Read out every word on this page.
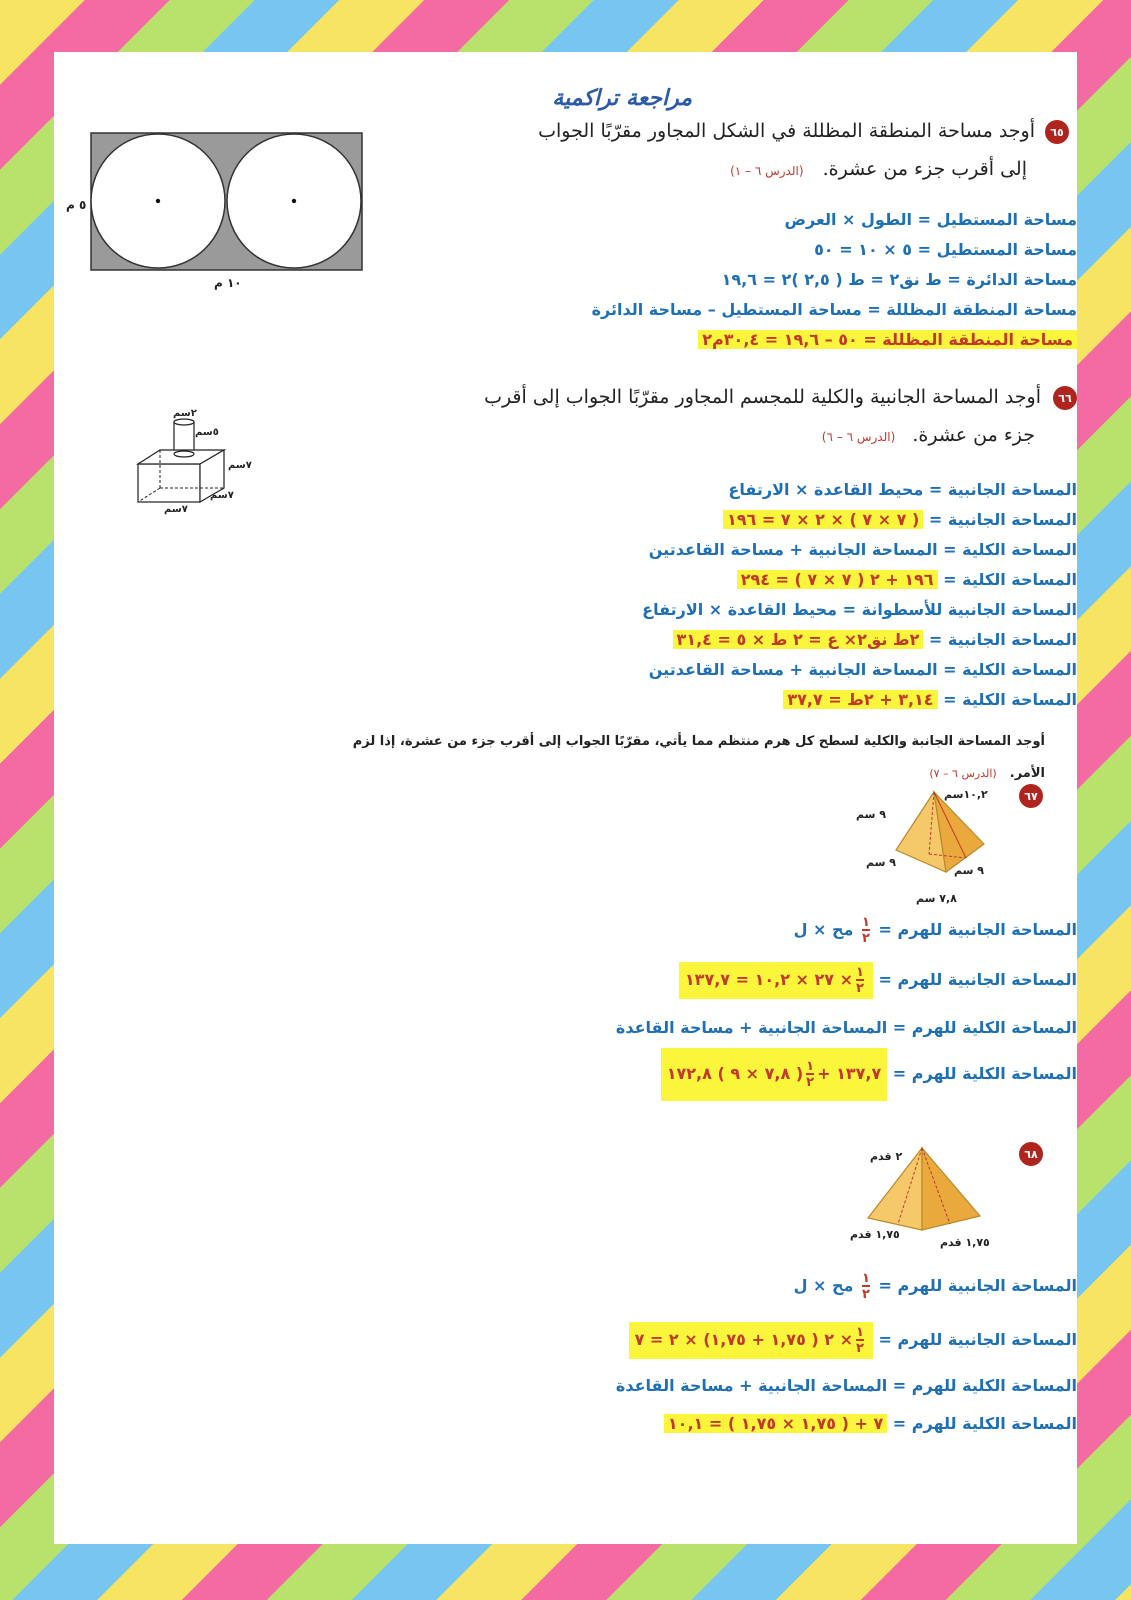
مراجعة تراكمية
٦٥
أوجد مساحة المنطقة المظللة في الشكل المجاور مقرّبًا الجواب
إلى أقرب جزء من عشرة. (الدرس ٦ – ١)
٥ م
١٠ م
مساحة المستطيل = الطول × العرض
مساحة المستطيل = ٥ × ١٠ = ٥٠
مساحة الدائرة = ط نق٢ = ط ( ٢,٥ )٢ = ١٩,٦
مساحة المنطقة المظللة = مساحة المستطيل – مساحة الدائرة
مساحة المنطقة المظللة = ٥٠ – ١٩,٦ = ٣٠,٤م٢
٦٦
أوجد المساحة الجانبية والكلية للمجسم المجاور مقرّبًا الجواب إلى أقرب
جزء من عشرة. (الدرس ٦ – ٦)
٢سم
٥سم
٧سم
٧سم
٧سم
المساحة الجانبية = محيط القاعدة × الارتفاع
المساحة الجانبية = ( ٧ × ٧ ) × ٢ × ٧ = ١٩٦
المساحة الكلية = المساحة الجانبية + مساحة القاعدتين
المساحة الكلية = ١٩٦ + ٢ ( ٧ × ٧ ) = ٢٩٤
المساحة الجانبية للأسطوانة = محيط القاعدة × الارتفاع
المساحة الجانبية = ٢ط نق٢× ع = ٢ ط × ٥ = ٣١,٤
المساحة الكلية = المساحة الجانبية + مساحة القاعدتين
المساحة الكلية = ٣,١٤ + ٢ط = ٣٧,٧
أوجد المساحة الجانبة والكلية لسطح كل هرم منتظم مما يأتي، مقرّبًا الجواب إلى أقرب جزء من عشرة، إذا لزم
الأمر. (الدرس ٦ – ٧)
٦٧
١٠,٢سم
٩ سم
٩ سم
٩ سم
٧,٨ سم
المساحة الجانبية للهرم =
$\frac{١}{٢}$
مح × ل
المساحة الجانبية للهرم =
$\frac{١}{٢}$
× ٢٧ × ١٠,٢ = ١٣٧,٧
المساحة الكلية للهرم = المساحة الجانبية + مساحة القاعدة
المساحة الكلية للهرم = ١٣٧,٧ +
$\frac{١}{٢}$
( ٧,٨ × ٩ ) ١٧٢,٨
٦٨
٢ قدم
١,٧٥ قدم
١,٧٥ قدم
المساحة الجانبية للهرم =
$\frac{١}{٢}$
مح × ل
المساحة الجانبية للهرم =
$\frac{١}{٢}$
× ٢ ( ١,٧٥ + ١,٧٥) × ٢ = ٧
المساحة الكلية للهرم = المساحة الجانبية + مساحة القاعدة
المساحة الكلية للهرم = ٧ + ( ١,٧٥ × ١,٧٥ ) = ١٠,١
